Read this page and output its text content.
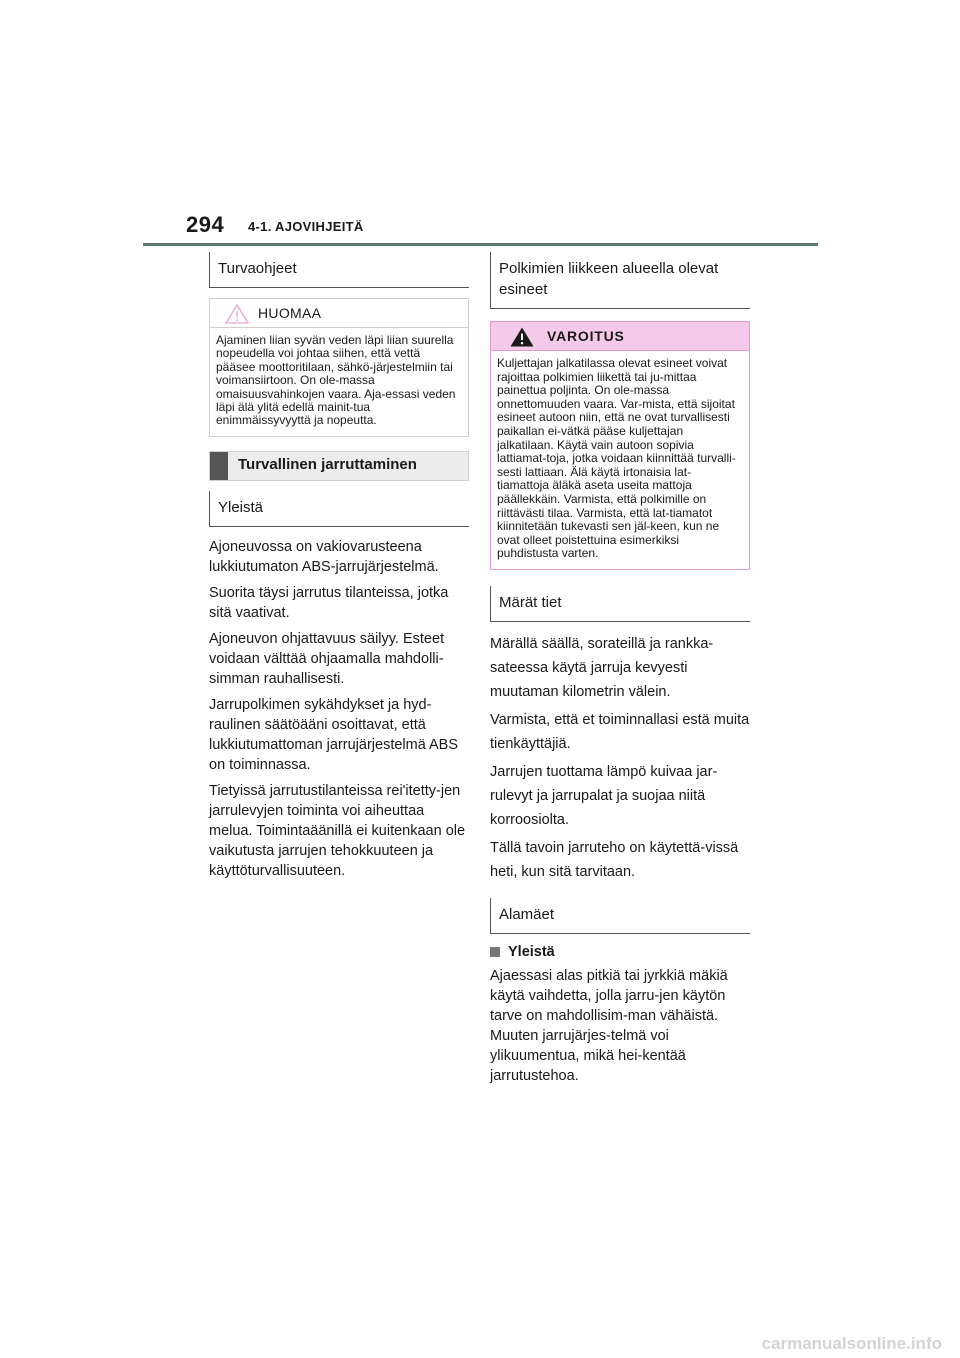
294 4-1. AJOVIHJEITÄ
Turvaohjeet
HUOMAA
Ajaminen liian syvän veden läpi liian suurella nopeudella voi johtaa siihen, että vettä pääsee moottoritilaan, sähkö-järjestelmiin tai voimansiirtoon. On ole-massa omaisuusvahinkojen vaara. Aja-essasi veden läpi älä ylitä edellä mainit-tua enimmäissyvyyttä ja nopeutta.
Turvallinen jarruttaminen
Yleistä

Ajoneuvossa on vakiovarusteena lukkiutumaton ABS-jarrujärjestelmä.

Suorita täysi jarrutus tilanteissa, jotka sitä vaativat.

Ajoneuvon ohjattavuus säilyy. Esteet voidaan välttää ohjaamalla mahdolli-simman rauhallisesti.

Jarrupolkimen sykähdykset ja hyd-raulinen säätöääni osoittavat, että lukkiutumattoman jarrujärjestelmä ABS on toiminnassa.

Tietyissä jarrutustilanteissa rei'itetty-jen jarrulevyjen toiminta voi aiheuttaa melua. Toimintaäänillä ei kuitenkaan ole vaikutusta jarrujen tehokkuuteen ja käyttöturvallisuuteen.

Polkimien liikkeen alueella olevat esineet
VAROITUS
Kuljettajan jalkatilassa olevat esineet voivat rajoittaa polkimien liikettä tai ju-mittaa painettua poljinta. On ole-massa onnettomuuden vaara. Var-mista, että sijoitat esineet autoon niin, että ne ovat turvallisesti paikallan ei-vätkä pääse kuljettajan jalkatilaan. Käytä vain autoon sopivia lattiamat-toja, jotka voidaan kiinnittää turvalli-sesti lattiaan. Älä käytä irtonaisia lat-tiamattoja äläkä aseta useita mattoja päällekkäin. Varmista, että polkimille on riittävästi tilaa. Varmista, että lat-tiamatot kiinnitetään tukevasti sen jäl-keen, kun ne ovat olleet poistettuina esimerkiksi puhdistusta varten.
Märät tiet

Märällä säällä, sorateillä ja rankka-sateessa käytä jarruja kevyesti muutaman kilometrin välein.

Varmista, että et toiminnallasi estä muita tienkäyttäjiä.

Jarrujen tuottama lämpö kuivaa jar-rulevyt ja jarrupalat ja suojaa niitä korroosiolta.

Tällä tavoin jarruteho on käytettä-vissä heti, kun sitä tarvitaan.

Alamäet
Yleistä

Ajaessasi alas pitkiä tai jyrkkiä mäkiä käytä vaihdetta, jolla jarru-jen käytön tarve on mahdollisim-man vähäistä. Muuten jarrujärjes-telmä voi ylikuumentua, mikä hei-kentää jarrutustehoa.

carmanualsonline.info
